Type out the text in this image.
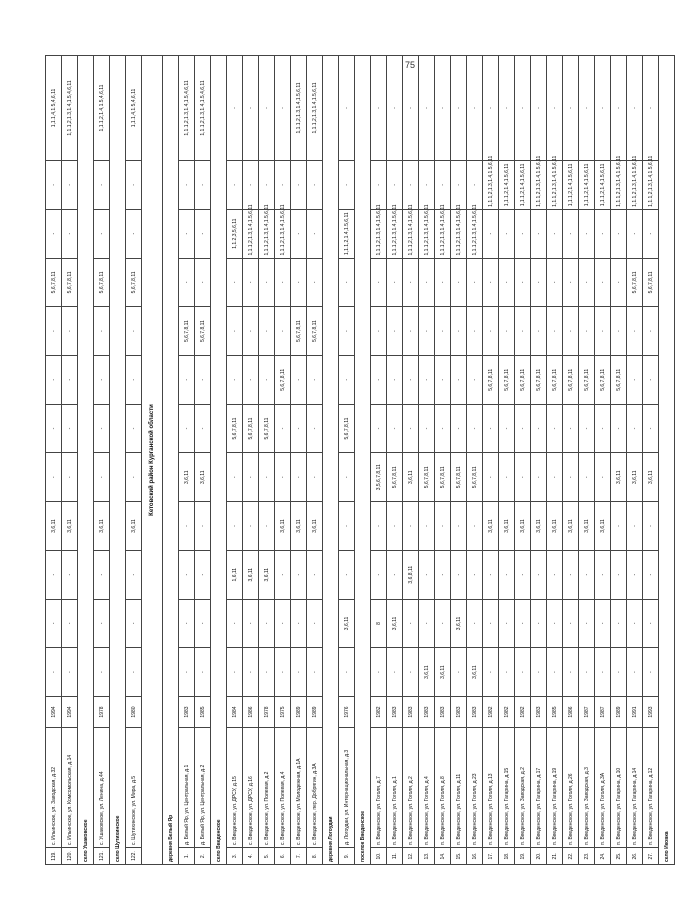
75
119.	с. Ильинское, ул. Заводская, д.32	1994	-	-	-	3,6,11	-	-	-	-	5,6,7,8,11	-	-	1,1.1,4,1.5,4,6,11
120.	с. Ильинское, ул. Комсомольская, д.14	1994	-	-	-	3,6,11	-	-	-	-	5,6,7,8,11	-	-	1,1.1,2,1.3,1.4,1.5,4,6,11
село Ушаковское														
121.	с. Ушаковское, ул. Ленина, д.44	1978	-	-	-	3,6,11	-	-	-	-	5,6,7,8,11	-	-	1,1.1,2,1.4,1.5,4,6,11
село Шутихинское														
122.	с. Шутихинское, ул. Мира, д.5	1980	-	-	-	3,6,11	-	-	-	-	5,6,7,8,11	-	-	1,1.1,4,1.5,4,6,11
Кетовский район Курганской области														
деревня Белый Яр														
1.	д. Белый Яр, ул. Центральная, д.1	1983	-	-	-	-	3,6,11	-	-	5,6,7,8,11	-	-	-	1,1.1,2,1.3,1.4,1.5,4,6,11
2.	д. Белый Яр, ул. Центральная, д.2	1985	-	-	-	-	3,6,11	-	-	5,6,7,8,11	-	-	-	1,1.1,2,1.3,1.4,1.5,4,6,11
село Введенское														
3.	с. Введенское, ул. ДРСУ, д.15	1984	-	-	1,6,11	-	-	5,6,7,8,11	-	-	-	1,1.2,3,5,6,11	-	-
4.	с. Введенское, ул. ДРСУ, д.16	1986	-	-	3,6,11	-	-	5,6,7,8,11	-	-	-	1,1.1,2,1.3,1.4,1.5,6,11	-	-
5.	с. Введенское, ул. Полевая, д.2	1978	-	-	3,6,11	-	-	5,6,7,8,11	-	-	-	1,1.1,2,1.3,1.4,1.5,6,11	-	-
6.	с. Введенское, ул. Полевая, д.4	1975	-	-	-	3,6,11	-	-	5,6,7,8,11	-	-	1,1.1,2,1.3,1.4,1.5,6,11	-	-
7.	с. Введенское, ул. Молодежная, д.1А	1989	-	-	-	3,6,11	-	-	-	5,6,7,8,11	-	-	-	1,1.1,2,1.3,1.4,1.5,6,11
8.	с. Введенское, пер. Добрягин, д.3А	1989	-	-	-	3,6,11	-	-	-	5,6,7,8,11	-	-	-	1,1.1,2,1.3,1.4,1.5,6,11
деревня Логоудаи														
9.	д. Логоудаи, ул. Интернациональная, д.3	1976	-	3,6,11	-	-	-	5,6,7,8,11	-	-	-	1,1.1,2,1.4,1.5,6,11	-	-
поселок Введенское														
10.	п. Введенское, ул. Гоголя, д.7	1982	-	8	-	-	3,5,6,7,8,11	-	-	-	-	1,1.1,2,1.3,1.4,1.5,6,11	-	-
11.	п. Введенское, ул. Гоголя, д.1	1983	-	3,6,11	-	-	5,6,7,8,11	-	-	-	-	1,1.1,2,1.3,1.4,1.5,6,11	-	-
12.	п. Введенское, ул. Гоголя, д.2	1983	-	-	3,6,8,11	-	3,6,11	-	-	-	-	1,1.1,2,1.3,1.4,1.5,6,11	-	-
13.	п. Введенское, ул. Гоголя, д.4	1983	3,6,11	-	-	-	5,6,7,8,11	-	-	-	-	1,1.1,2,1.3,1.4,1.5,6,11	-	-
14.	п. Введенское, ул. Гоголя, д.8	1983	3,6,11	-	-	-	5,6,7,8,11	-	-	-	-	1,1.1,2,1.3,1.4,1.5,6,11	-	-
15.	п. Введенское, ул. Гоголя, д.11	1983	-	3,6,11	-	-	5,6,7,8,11	-	-	-	-	1,1.1,2,1.3,1.4,1.5,6,11	-	-
16.	п. Введенское, ул. Гоголя, д.23	1983	3,6,11	-	-	-	5,6,7,8,11	-	-	-	-	1,1.1,2,1.3,1.4,1.5,6,11	-	-
17.	п. Введенское, ул. Гоголя, д.13	1982	-	-	-	3,6,11	-	-	5,6,7,8,11	-	-	-	1,1.1,2,1.3,1.4,1.5,6,11	-
18.	п. Введенское, ул. Гагарина, д.15	1982	-	-	-	3,6,11	-	-	5,6,7,8,11	-	-	-	1,1.1,2,1.4,1.5,6,11	-
19.	п. Введенское, ул. Заводская, д.2	1982	-	-	-	3,6,11	-	-	5,6,7,8,11	-	-	-	1,1.1,2,1.4,1.5,6,11	-
20.	п. Введенское, ул. Гагарина, д.17	1983	-	-	-	3,6,11	-	-	5,6,7,8,11	-	-	-	1,1.1,2,1.3,1.4,1.5,6,11	-
21.	п. Введенское, ул. Гагарина, д.19	1985	-	-	-	3,6,11	-	-	5,6,7,8,11	-	-	-	1,1.1,2,1.3,1.4,1.5,6,11	-
22.	п. Введенское, ул. Гоголя, д.26	1986	-	-	-	3,6,11	-	-	5,6,7,8,11	-	-	-	1,1.1,2,1.4,1.5,6,11	-
23.	п. Введенское, ул. Заводская, д.3	1987	-	-	-	3,6,11	-	-	5,6,7,8,11	-	-	-	1,1.1,2,1.4,1.5,6,11	-
24.	п. Введенское, ул. Гоголя, д.3А	1987	-	-	-	3,6,11	-	-	5,6,7,8,11	-	-	-	1,1.1,2,1.4,1.5,6,11	-
25.	п. Введенское, ул. Гагарина, д.10	1989	-	-	-	-	3,6,11	-	5,6,7,8,11	-	-	-	1,1.1,2,1.3,1.4,1.5,6,11	-
26.	п. Введенское, ул. Гагарина, д.14	1991	-	-	-	-	3,6,11	-	-	-	5,6,7,8,11	-	1,1.1,2,1.3,1.4,1.5,6,11	-
27.	п. Введенское, ул. Гагарина, д.12	1993	-	-	-	-	3,6,11	-	-	-	5,6,7,8,11	-	1,1.1,2,1.3,1.4,1.5,6,11	-
село Иковка														
